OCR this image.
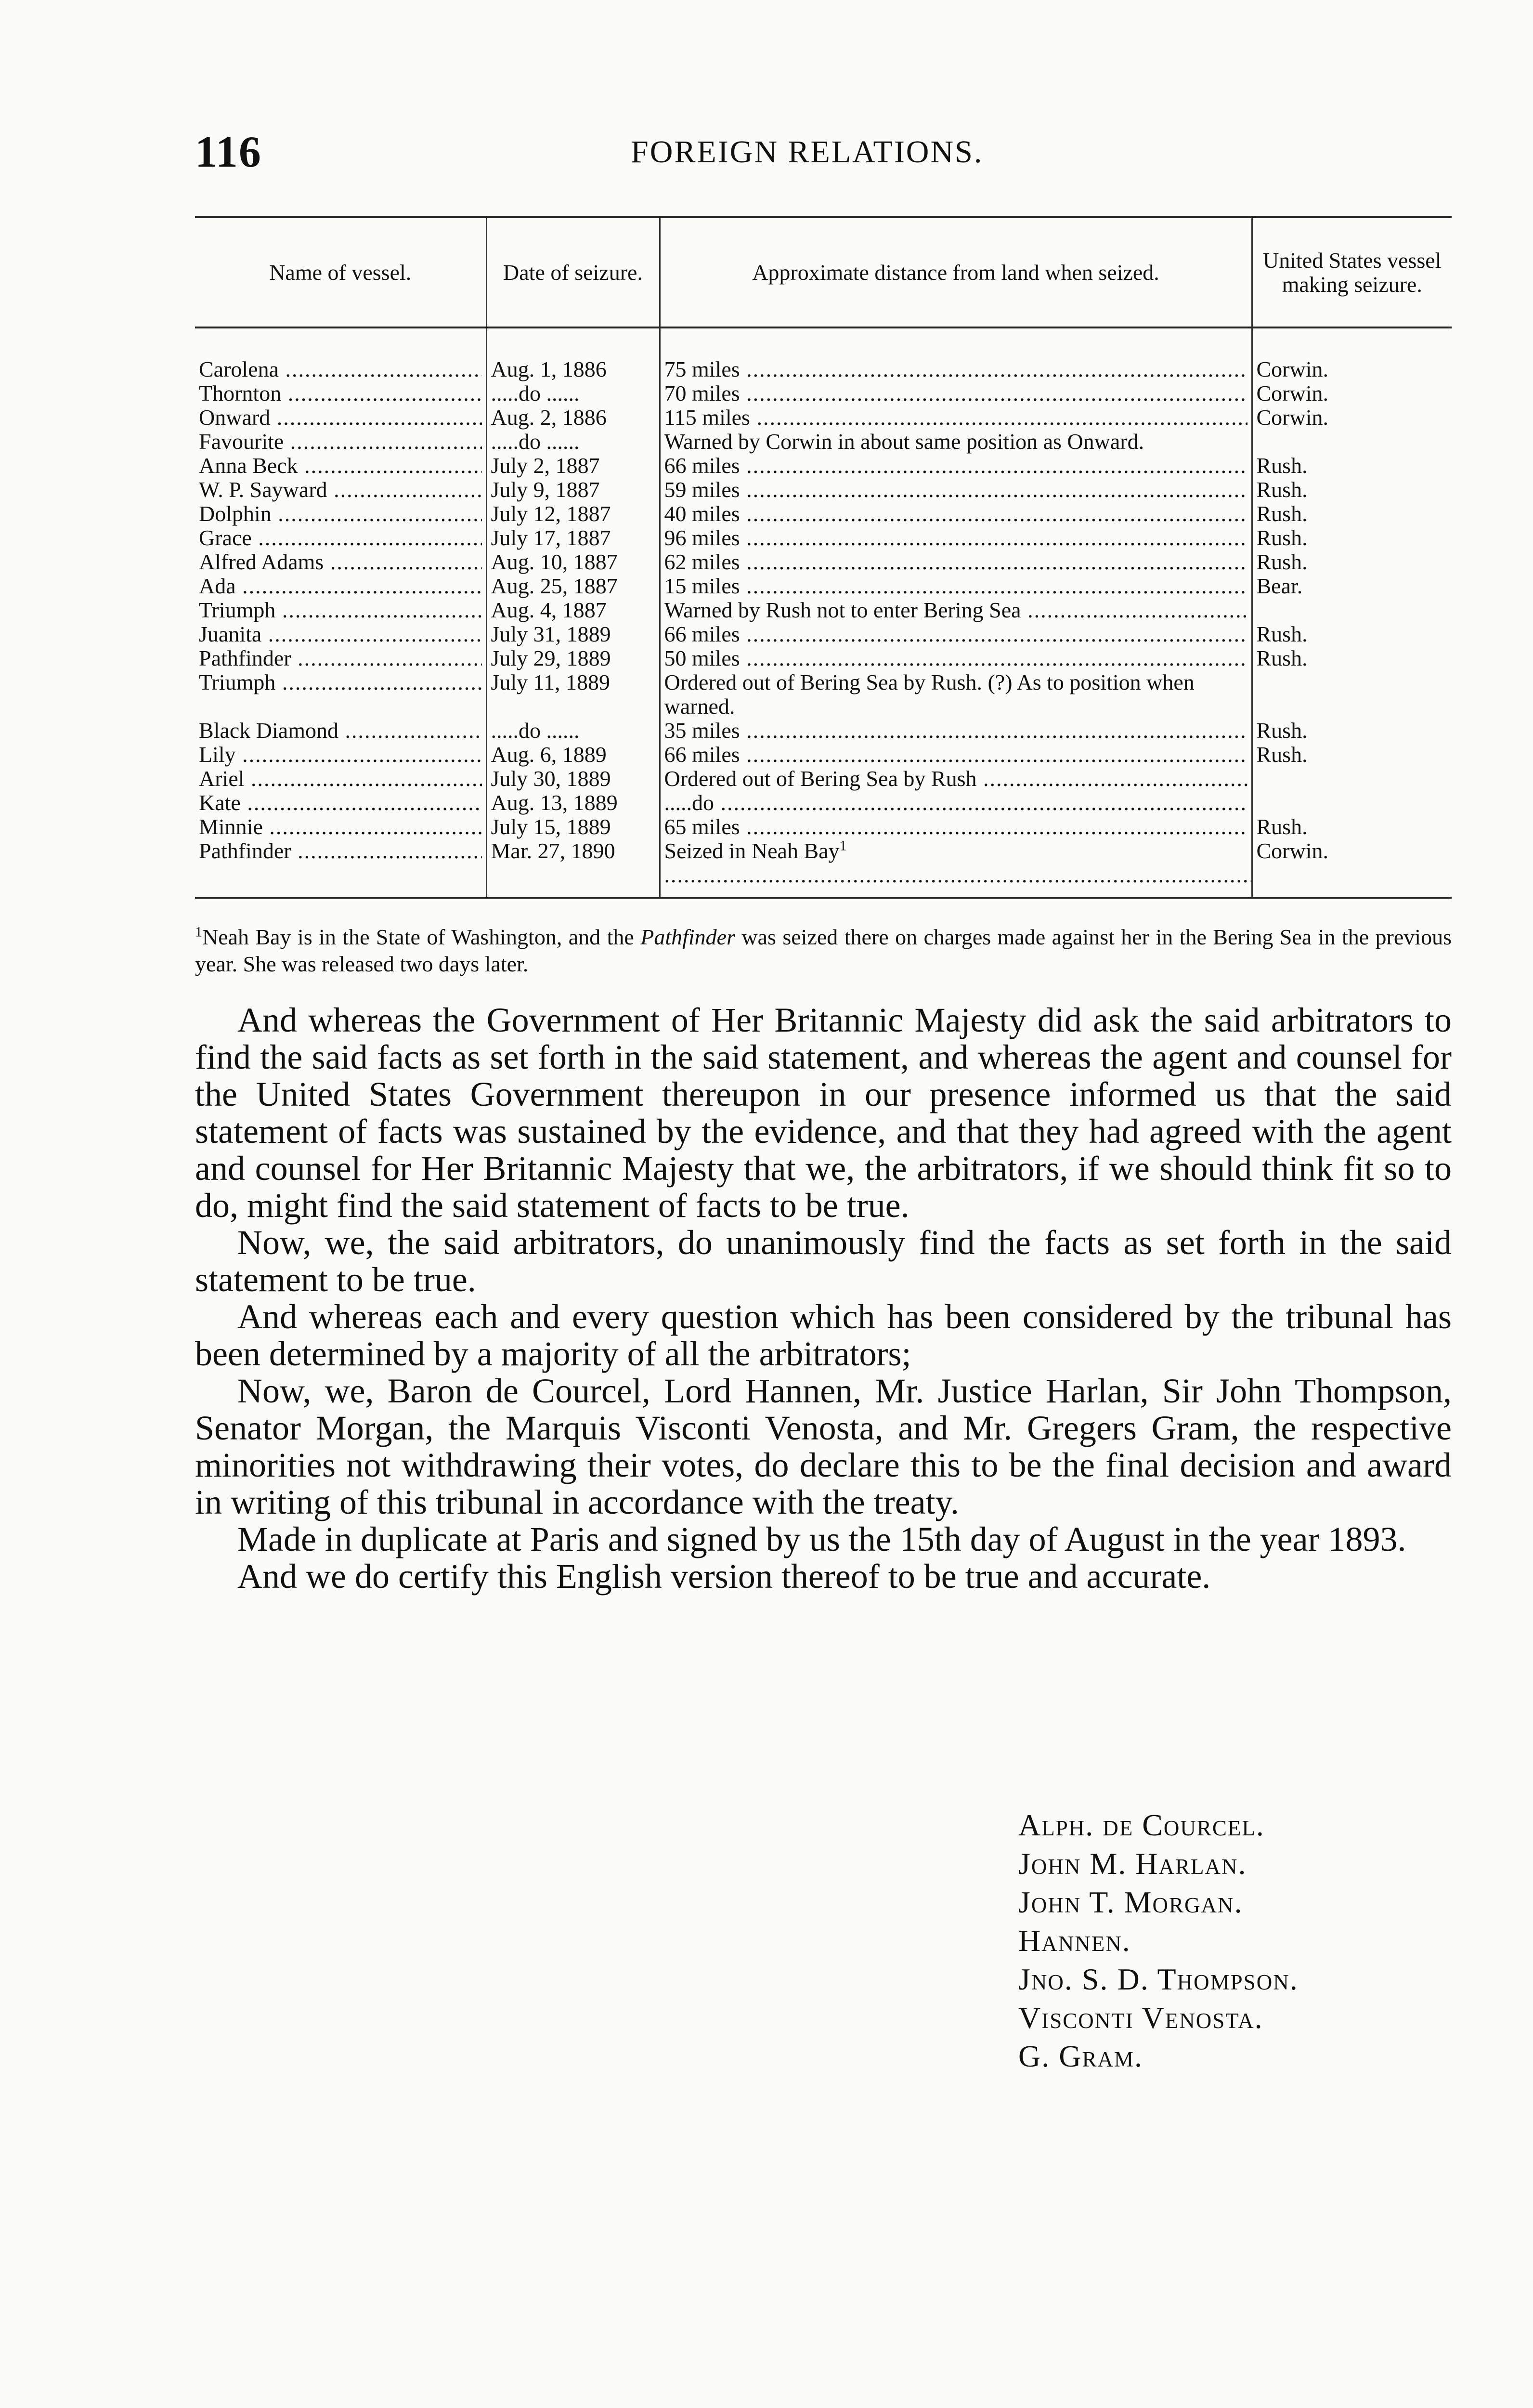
116	FOREIGN RELATIONS.
Name of vessel.	Date of seizure.	Approximate distance from land when seized.	United States vessel making seizure.

Carolena .....	Aug. 1, 1886	75 miles .....	Corwin.

Thornton .....	.....do ......	70 miles .....	Corwin.

Onward .....	Aug. 2, 1886	115 miles .....	Corwin.

Favourite .....	.....do ......	Warned by Corwin in about same position as Onward.	

Anna Beck .....	July 2, 1887	66 miles .....	Rush.

W. P. Sayward .....	July 9, 1887	59 miles .....	Rush.

Dolphin .....	July 12, 1887	40 miles .....	Rush.

Grace .....	July 17, 1887	96 miles .....	Rush.

Alfred Adams .....	Aug. 10, 1887	62 miles .....	Rush.

Ada .....	Aug. 25, 1887	15 miles .....	Bear.

Triumph .....	Aug. 4, 1887	Warned by Rush not to enter Bering Sea .....

Juanita .....	July 31, 1889	66 miles .....	Rush.

Pathfinder .....	July 29, 1889	50 miles .....	Rush.

Triumph .....	July 11, 1889	Ordered out of Bering Sea by Rush. (?) As to position when warned.	

Black Diamond .....	.....do ......	35 miles .....	Rush.

Lily .....	Aug. 6, 1889	66 miles .....	Rush.

Ariel .....	July 30, 1889	Ordered out of Bering Sea by Rush .....

Kate .....	Aug. 13, 1889	.....do .....

Minnie .....	July 15, 1889	65 miles .....	Rush.

Pathfinder .....	Mar. 27, 1890	Seized in Neah Bay$^1$ .....	Corwin.
$^1$Neah Bay is in the State of Washington, and the Pathfinder was seized there on charges made against her in the Bering Sea in the previous year. She was released two days later.

And whereas the Government of Her Britannic Majesty did ask the said arbitrators to find the said facts as set forth in the said statement, and whereas the agent and counsel for the United States Government thereupon in our presence informed us that the said statement of facts was sustained by the evidence, and that they had agreed with the agent and counsel for Her Britannic Majesty that we, the arbitrators, if we should think fit so to do, might find the said statement of facts to be true.

Now, we, the said arbitrators, do unanimously find the facts as set forth in the said statement to be true.

And whereas each and every question which has been considered by the tribunal has been determined by a majority of all the arbitrators;

Now, we, Baron de Courcel, Lord Hannen, Mr. Justice Harlan, Sir John Thompson, Senator Morgan, the Marquis Visconti Venosta, and Mr. Gregers Gram, the respective minorities not withdrawing their votes, do declare this to be the final decision and award in writing of this tribunal in accordance with the treaty.

Made in duplicate at Paris and signed by us the 15th day of August in the year 1893.

And we do certify this English version thereof to be true and accurate.

Alph. de Courcel.
John M. Harlan.
John T. Morgan.
Hannen.
Jno. S. D. Thompson.
Visconti Venosta.
G. Gram.
